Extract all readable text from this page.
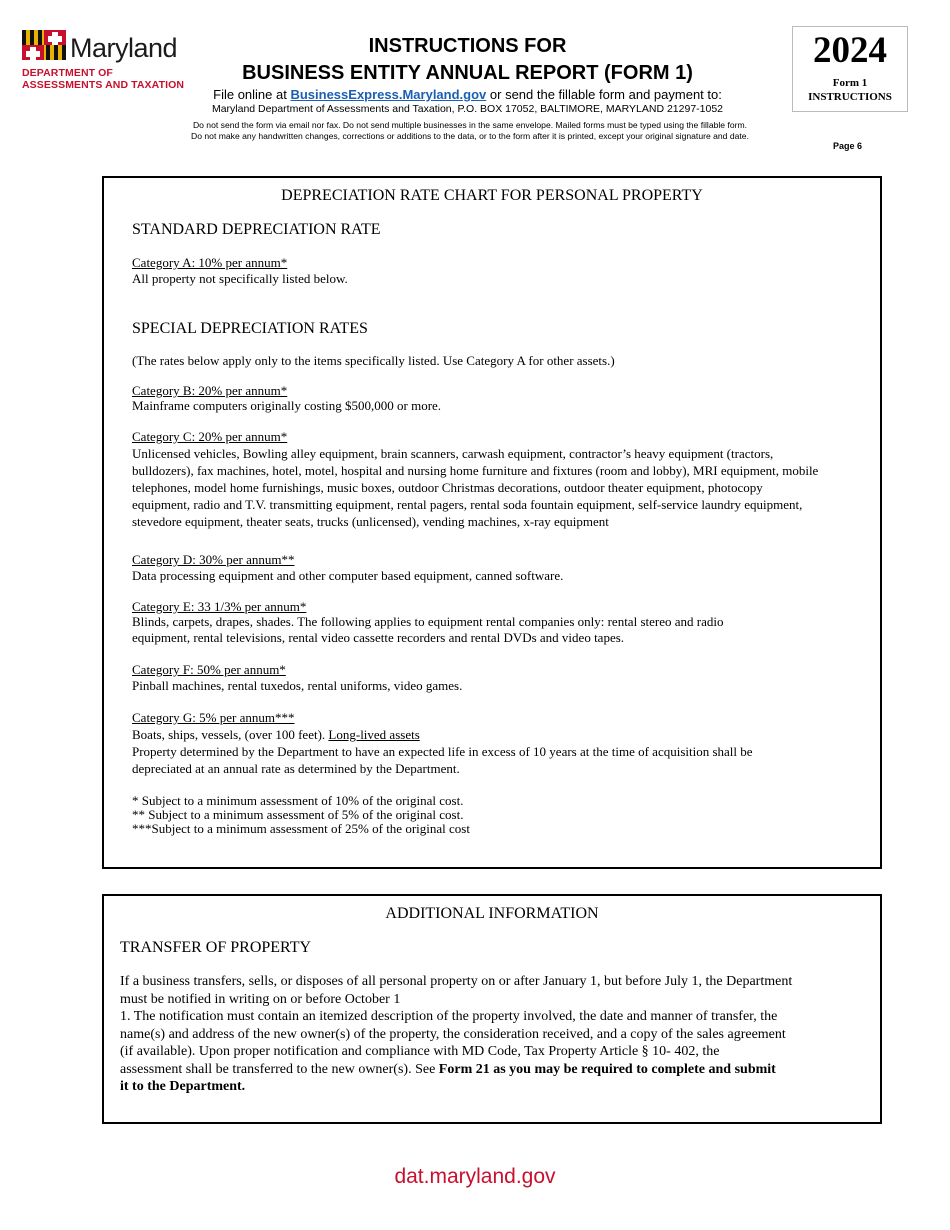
Maryland
DEPARTMENT OF
ASSESSMENTS AND TAXATION
INSTRUCTIONS FOR
BUSINESS ENTITY ANNUAL REPORT (FORM 1)
File online at BusinessExpress.Maryland.gov or send the fillable form and payment to:
Maryland Department of Assessments and Taxation, P.O. BOX 17052, BALTIMORE, MARYLAND 21297-1052
Do not send the form via email nor fax. Do not send multiple businesses in the same envelope. Mailed forms must be typed using the fillable form.
Do not make any handwritten changes, corrections or additions to the data, or to the form after it is printed, except your original signature and date.
2024
Form 1
INSTRUCTIONS
Page 6
DEPRECIATION RATE CHART FOR PERSONAL PROPERTY
STANDARD DEPRECIATION RATE
Category A: 10% per annum*
All property not specifically listed below.
SPECIAL DEPRECIATION RATES
(The rates below apply only to the items specifically listed. Use Category A for other assets.)
Category B: 20% per annum*
Mainframe computers originally costing $500,000 or more.
Category C: 20% per annum*
Unlicensed vehicles, Bowling alley equipment, brain scanners, carwash equipment, contractor’s heavy equipment (tractors,
bulldozers), fax machines, hotel, motel, hospital and nursing home furniture and fixtures (room and lobby), MRI equipment, mobile
telephones, model home furnishings, music boxes, outdoor Christmas decorations, outdoor theater equipment, photocopy
equipment, radio and T.V. transmitting equipment, rental pagers, rental soda fountain equipment, self-service laundry equipment,
stevedore equipment, theater seats, trucks (unlicensed), vending machines, x-ray equipment
Category D: 30% per annum**
Data processing equipment and other computer based equipment, canned software.
Category E: 33 1/3% per annum*
Blinds, carpets, drapes, shades. The following applies to equipment rental companies only: rental stereo and radio
equipment, rental televisions, rental video cassette recorders and rental DVDs and video tapes.
Category F: 50% per annum*
Pinball machines, rental tuxedos, rental uniforms, video games.
Category G: 5% per annum***
Boats, ships, vessels, (over 100 feet). Long-lived assets
Property determined by the Department to have an expected life in excess of 10 years at the time of acquisition shall be
depreciated at an annual rate as determined by the Department.
* Subject to a minimum assessment of 10% of the original cost.
** Subject to a minimum assessment of 5% of the original cost.
***Subject to a minimum assessment of 25% of the original cost
ADDITIONAL INFORMATION
TRANSFER OF PROPERTY
If a business transfers, sells, or disposes of all personal property on or after January 1, but before July 1, the Department
must be notified in writing on or before October 1
1. The notification must contain an itemized description of the property involved, the date and manner of transfer, the
name(s) and address of the new owner(s) of the property, the consideration received, and a copy of the sales agreement
(if available). Upon proper notification and compliance with MD Code, Tax Property Article § 10- 402, the
assessment shall be transferred to the new owner(s). See Form 21 as you may be required to complete and submit
it to the Department.
dat.maryland.gov
